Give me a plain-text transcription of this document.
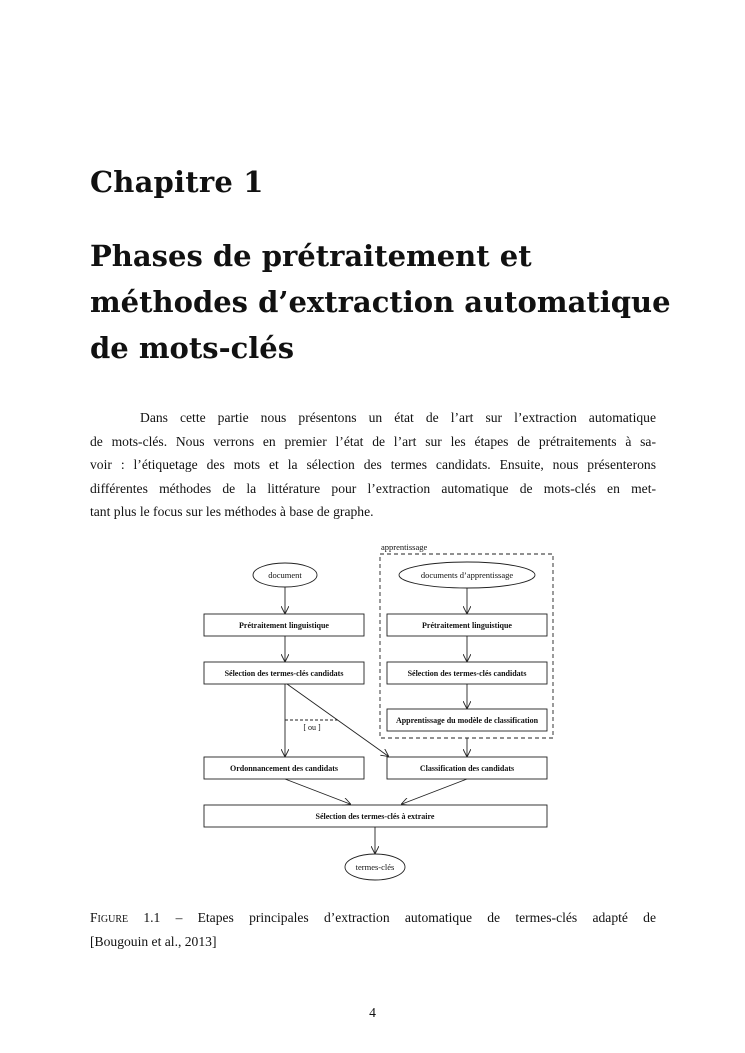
Chapitre 1
Phases de prétraitement et
méthodes d’extraction automatique
de mots-clés

Dans cette partie nous présentons un état de l’art sur l’extraction automatique
de mots-clés. Nous verrons en premier l’état de l’art sur les étapes de prétraitements à sa-
voir : l’étiquetage des mots et la sélection des termes candidats. Ensuite, nous présenterons
différentes méthodes de la littérature pour l’extraction automatique de mots-clés en met-
tant plus le focus sur les méthodes à base de graphe.

apprentissage
document	documents d’apprentissage
Prétraitement linguistique	Prétraitement linguistique
Sélection des termes-clés candidats	Sélection des termes-clés candidats
Apprentissage du modèle de classification
Ordonnancement des candidats	Classification des candidats
Sélection des termes-clés à extraire
termes-clés
[ ou ]

Figure 1.1 – Etapes principales d’extraction automatique de termes-clés adapté de
[Bougouin et al., 2013]

4
